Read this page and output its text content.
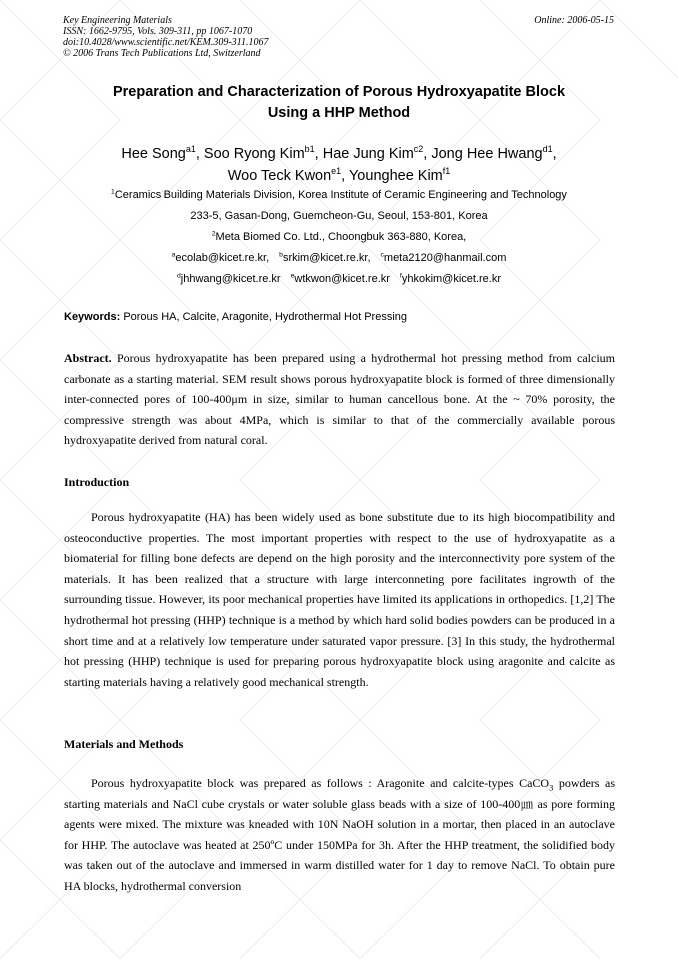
Key Engineering Materials
ISSN: 1662-9795, Vols. 309-311, pp 1067-1070
doi:10.4028/www.scientific.net/KEM.309-311.1067
© 2006 Trans Tech Publications Ltd, Switzerland
Online: 2006-05-15
Preparation and Characterization of Porous Hydroxyapatite Block
Using a HHP Method
Hee Song$^{a1}$, Soo Ryong Kim$^{b1}$, Hae Jung Kim$^{c2}$, Jong Hee Hwang$^{d1}$,
Woo Teck Kwon$^{e1}$, Younghee Kim$^{f1}$
$^1$Ceramics·Building Materials Division, Korea Institute of Ceramic Engineering and Technology
233-5, Gasan-Dong, Guemcheon-Gu, Seoul, 153-801, Korea
$^2$Meta Biomed Co. Ltd., Choongbuk 363-880, Korea,
$^a$ecolab@kicet.re.kr, $^b$srkim@kicet.re.kr, $^c$meta2120@hanmail.com
$^d$jhhwang@kicet.re.kr $^e$wtkwon@kicet.re.kr $^f$yhkokim@kicet.re.kr
Keywords: Porous HA, Calcite, Aragonite, Hydrothermal Hot Pressing
Abstract. Porous hydroxyapatite has been prepared using a hydrothermal hot pressing method from calcium carbonate as a starting material. SEM result shows porous hydroxyapatite block is formed of three dimensionally inter-connected pores of 100-400μm in size, similar to human cancellous bone. At the ~ 70% porosity, the compressive strength was about 4MPa, which is similar to that of the commercially available porous hydroxyapatite derived from natural coral.
Introduction
Porous hydroxyapatite (HA) has been widely used as bone substitute due to its high biocompatibility and osteoconductive properties. The most important properties with respect to the use of hydroxyapatite as a biomaterial for filling bone defects are depend on the high porosity and the interconnectivity pore system of the materials. It has been realized that a structure with large interconneting pore facilitates ingrowth of the surrounding tissue. However, its poor mechanical properties have limited its applications in orthopedics. [1,2] The hydrothermal hot pressing (HHP) technique is a method by which hard solid bodies powders can be produced in a short time and at a relatively low temperature under saturated vapor pressure. [3] In this study, the hydrothermal hot pressing (HHP) technique is used for preparing porous hydroxyapatite block using aragonite and calcite as starting materials having a relatively good mechanical strength.
Materials and Methods
Porous hydroxyapatite block was prepared as follows : Aragonite and calcite-types CaCO$_3$ powders as starting materials and NaCl cube crystals or water soluble glass beads with a size of 100-400㎛ as pore forming agents were mixed. The mixture was kneaded with 10N NaOH solution in a mortar, then placed in an autoclave for HHP. The autoclave was heated at 250ºC under 150MPa for 3h. After the HHP treatment, the solidified body was taken out of the autoclave and immersed in warm distilled water for 1 day to remove NaCl. To obtain pure HA blocks, hydrothermal conversion
